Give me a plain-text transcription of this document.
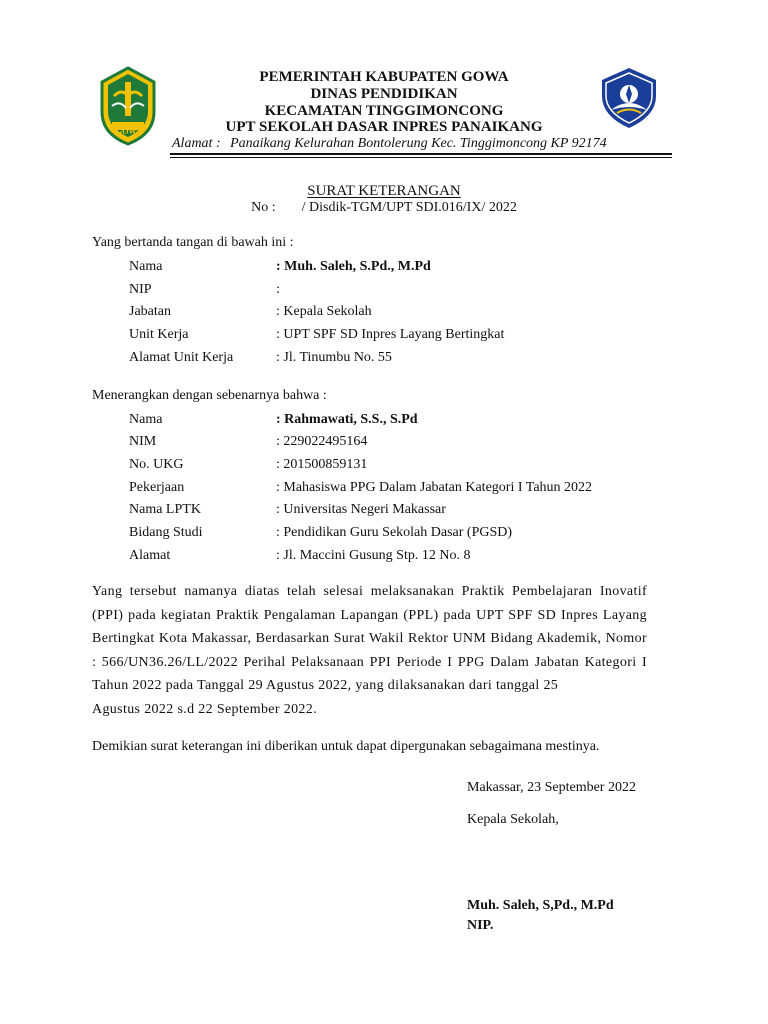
GOWA
PEMERINTAH KABUPATEN GOWA
DINAS PENDIDIKAN
KECAMATAN TINGGIMONCONG
UPT SEKOLAH DASAR INPRES PANAIKANG
Alamat : Panaikang Kelurahan Bontolerung Kec. Tinggimoncong KP 92174
SURAT KETERANGAN
No : / Disdik-TGM/UPT SDI.016/IX/ 2022
Yang bertanda tangan di bawah ini :
Nama	: Muh. Saleh, S.Pd., M.Pd
NIP	:
Jabatan	: Kepala Sekolah
Unit Kerja	: UPT SPF SD Inpres Layang Bertingkat
Alamat Unit Kerja	: Jl. Tinumbu No. 55
Menerangkan dengan sebenarnya bahwa :
Nama	: Rahmawati, S.S., S.Pd
NIM	: 229022495164
No. UKG	: 201500859131
Pekerjaan	: Mahasiswa PPG Dalam Jabatan Kategori I Tahun 2022
Nama LPTK	: Universitas Negeri Makassar
Bidang Studi	: Pendidikan Guru Sekolah Dasar (PGSD)
Alamat	: Jl. Maccini Gusung Stp. 12 No. 8
Yang tersebut namanya diatas telah selesai melaksanakan Praktik Pembelajaran Inovatif (PPI) pada kegiatan Praktik Pengalaman Lapangan (PPL) pada UPT SPF SD Inpres Layang Bertingkat Kota Makassar, Berdasarkan Surat Wakil Rektor UNM Bidang Akademik, Nomor : 566/UN36.26/LL/2022 Perihal Pelaksanaan PPI Periode I PPG Dalam Jabatan Kategori I Tahun 2022 pada Tanggal 29 Agustus 2022, yang dilaksanakan dari tanggal 25
Agustus 2022 s.d 22 September 2022.
Demikian surat keterangan ini diberikan untuk dapat dipergunakan sebagaimana mestinya.
Makassar, 23 September 2022
Kepala Sekolah,
Muh. Saleh, S,Pd., M.Pd
NIP.
